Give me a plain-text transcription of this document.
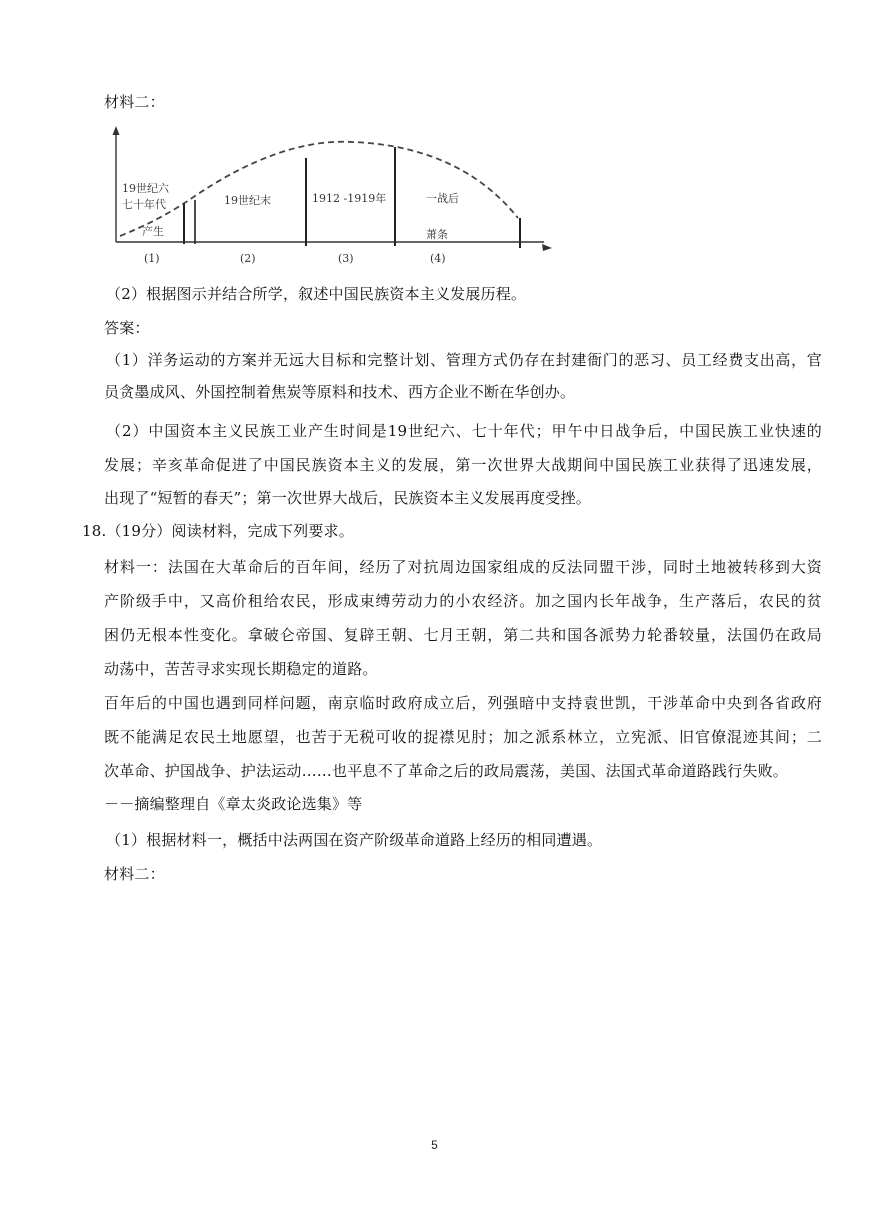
材料二：
19世纪六
七十年代
产生
(1)
19世纪末
(2)
1912 -1919年
(3)
一战后
萧条
(4)
（2）根据图示并结合所学，叙述中国民族资本主义发展历程。
答案：
（1）洋务运动的方案并无远大目标和完整计划、管理方式仍存在封建衙门的恶习、员工经费支出高，官
员贪墨成风、外国控制着焦炭等原料和技术、西方企业不断在华创办。
（2）中国资本主义民族工业产生时间是19世纪六、七十年代；甲午中日战争后，中国民族工业快速的
发展；辛亥革命促进了中国民族资本主义的发展，第一次世界大战期间中国民族工业获得了迅速发展，
出现了“短暂的春天”；第一次世界大战后，民族资本主义发展再度受挫。
18.（19分）阅读材料，完成下列要求。
材料一：法国在大革命后的百年间，经历了对抗周边国家组成的反法同盟干涉，同时土地被转移到大资
产阶级手中，又高价租给农民，形成束缚劳动力的小农经济。加之国内长年战争，生产落后，农民的贫
困仍无根本性变化。拿破仑帝国、复辟王朝、七月王朝，第二共和国各派势力轮番较量，法国仍在政局
动荡中，苦苦寻求实现长期稳定的道路。
百年后的中国也遇到同样问题，南京临时政府成立后，列强暗中支持袁世凯，干涉革命中央到各省政府
既不能满足农民土地愿望，也苦于无税可收的捉襟见肘；加之派系林立，立宪派、旧官僚混迹其间；二
次革命、护国战争、护法运动……也平息不了革命之后的政局震荡，美国、法国式革命道路践行失败。
－－摘编整理自《章太炎政论选集》等
（1）根据材料一，概括中法两国在资产阶级革命道路上经历的相同遭遇。
材料二：
5
